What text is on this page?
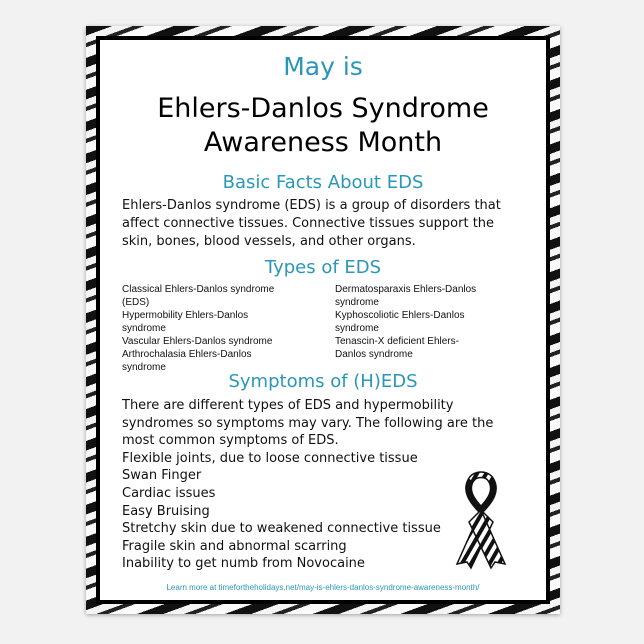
May is
Ehlers-Danlos Syndrome
Awareness Month
Basic Facts About EDS
Ehlers-Danlos syndrome (EDS) is a group of disorders that
affect connective tissues. Connective tissues support the
skin, bones, blood vessels, and other organs.
Types of EDS
Classical Ehlers-Danlos syndrome
(EDS)
Hypermobility Ehlers-Danlos
syndrome
Vascular Ehlers-Danlos syndrome
Arthrochalasia Ehlers-Danlos
syndrome
Dermatosparaxis Ehlers-Danlos
syndrome
Kyphoscoliotic Ehlers-Danlos
syndrome
Tenascin-X deficient Ehlers-
Danlos syndrome
Symptoms of (H)EDS
There are different types of EDS and hypermobility
syndromes so symptoms may vary. The following are the
most common symptoms of EDS.
Flexible joints, due to loose connective tissue
Swan Finger
Cardiac issues
Easy Bruising
Stretchy skin due to weakened connective tissue
Fragile skin and abnormal scarring
Inability to get numb from Novocaine
Learn more at timefortheholidays.net/may-is-ehlers-danlos-syndrome-awareness-month/
